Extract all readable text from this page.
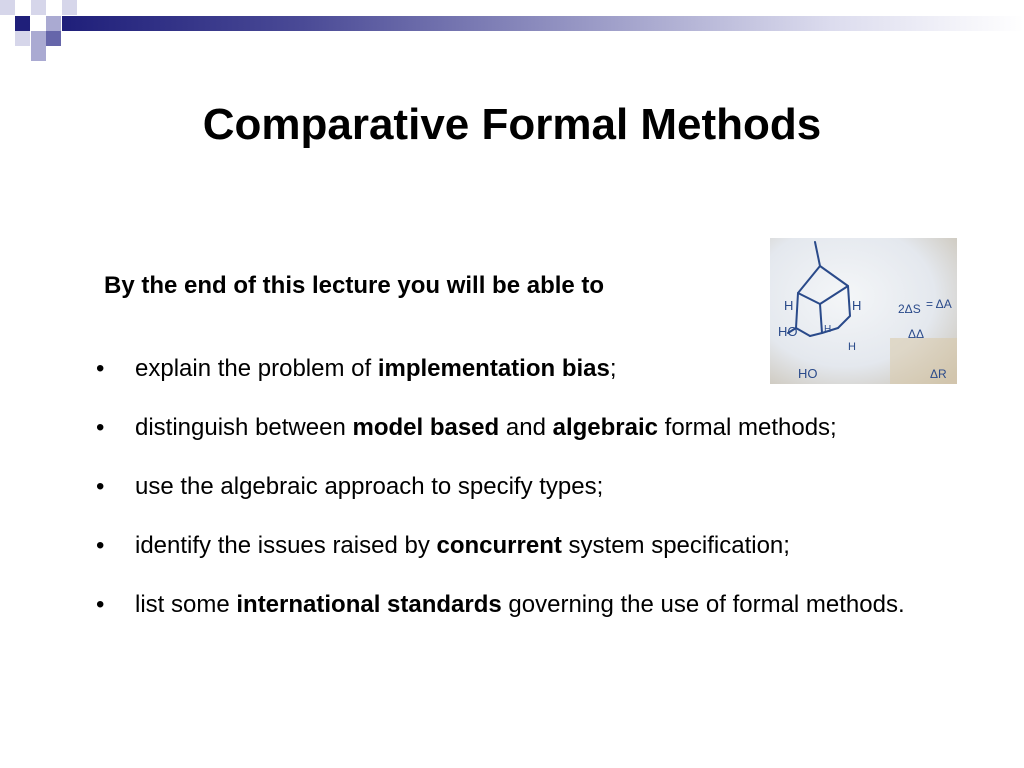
Comparative Formal Methods
By the end of this lecture you will be able to
H	H
HO	H
H
HO
2ΔS
ΔΔ
= ΔA
ΔR
• explain the problem of implementation bias;
• distinguish between model based and algebraic formal methods;
• use the algebraic approach to specify types;
• identify the issues raised by concurrent system specification;
• list some international standards governing the use of formal methods.
